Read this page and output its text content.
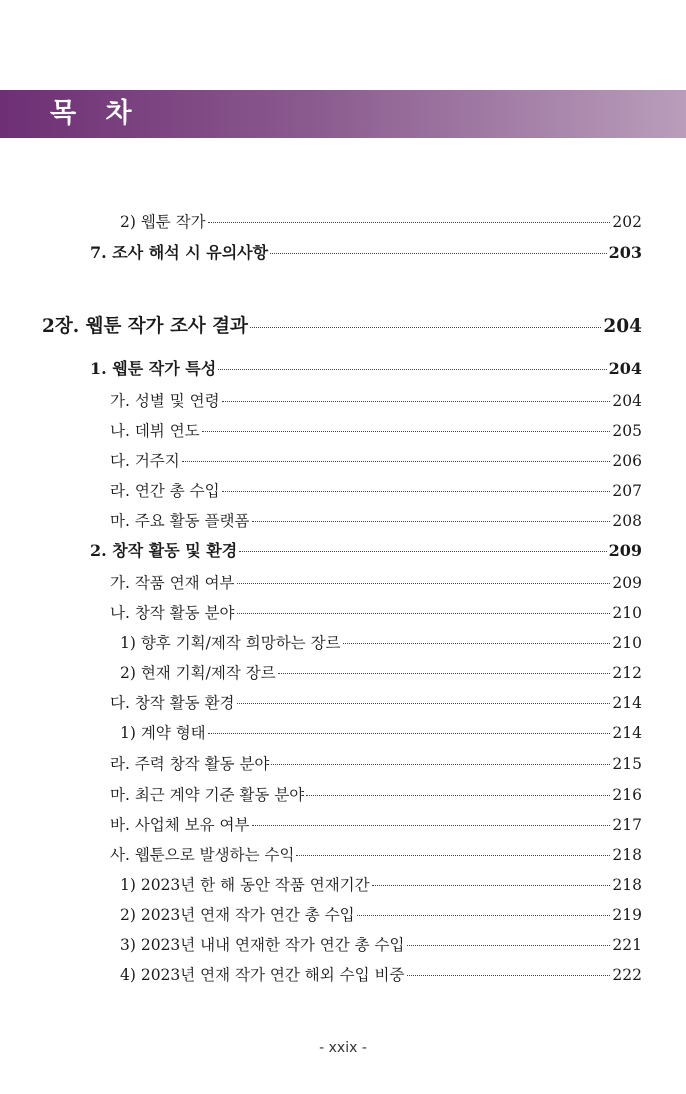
목 차
2) 웹툰 작가	202
7. 조사 해석 시 유의사항	203
2장. 웹툰 작가 조사 결과	204
1. 웹툰 작가 특성	204
가. 성별 및 연령	204
나. 데뷔 연도	205
다. 거주지	206
라. 연간 총 수입	207
마. 주요 활동 플랫폼	208
2. 창작 활동 및 환경	209
가. 작품 연재 여부	209
나. 창작 활동 분야	210
1) 향후 기획/제작 희망하는 장르	210
2) 현재 기획/제작 장르	212
다. 창작 활동 환경	214
1) 계약 형태	214
라. 주력 창작 활동 분야	215
마. 최근 계약 기준 활동 분야	216
바. 사업체 보유 여부	217
사. 웹툰으로 발생하는 수익	218
1) 2023년 한 해 동안 작품 연재기간	218
2) 2023년 연재 작가 연간 총 수입	219
3) 2023년 내내 연재한 작가 연간 총 수입	221
4) 2023년 연재 작가 연간 해외 수입 비중	222
- xxix -
